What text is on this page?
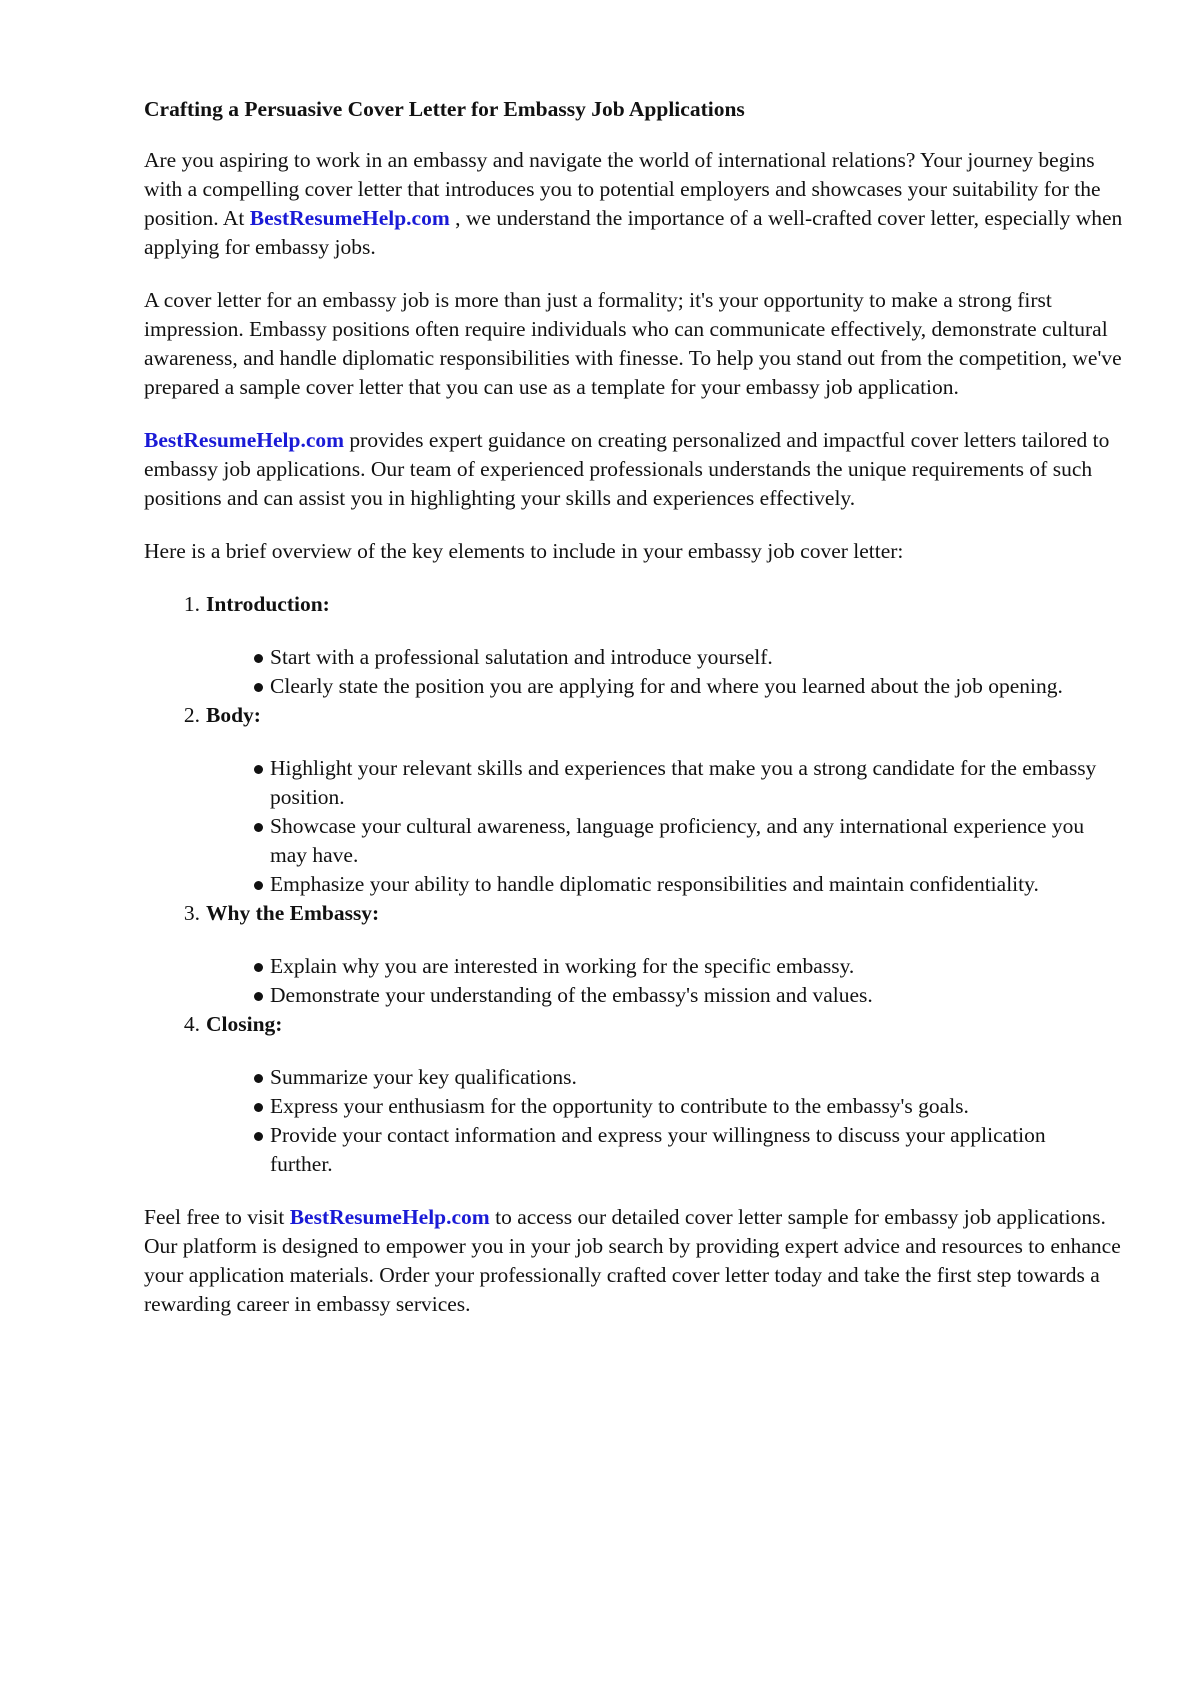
Crafting a Persuasive Cover Letter for Embassy Job Applications

Are you aspiring to work in an embassy and navigate the world of international relations? Your journey begins with a compelling cover letter that introduces you to potential employers and showcases your suitability for the position. At BestResumeHelp.com , we understand the importance of a well-crafted cover letter, especially when applying for embassy jobs.

A cover letter for an embassy job is more than just a formality; it's your opportunity to make a strong first impression. Embassy positions often require individuals who can communicate effectively, demonstrate cultural awareness, and handle diplomatic responsibilities with finesse. To help you stand out from the competition, we've prepared a sample cover letter that you can use as a template for your embassy job application.

BestResumeHelp.com provides expert guidance on creating personalized and impactful cover letters tailored to embassy job applications. Our team of experienced professionals understands the unique requirements of such positions and can assist you in highlighting your skills and experiences effectively.

Here is a brief overview of the key elements to include in your embassy job cover letter:

1. Introduction:
Start with a professional salutation and introduce yourself.
Clearly state the position you are applying for and where you learned about the job opening.
2. Body:
Highlight your relevant skills and experiences that make you a strong candidate for the embassy position.
Showcase your cultural awareness, language proficiency, and any international experience you may have.
Emphasize your ability to handle diplomatic responsibilities and maintain confidentiality.
3. Why the Embassy:
Explain why you are interested in working for the specific embassy.
Demonstrate your understanding of the embassy's mission and values.
4. Closing:
Summarize your key qualifications.
Express your enthusiasm for the opportunity to contribute to the embassy's goals.
Provide your contact information and express your willingness to discuss your application further.

Feel free to visit BestResumeHelp.com to access our detailed cover letter sample for embassy job applications. Our platform is designed to empower you in your job search by providing expert advice and resources to enhance your application materials. Order your professionally crafted cover letter today and take the first step towards a rewarding career in embassy services.
